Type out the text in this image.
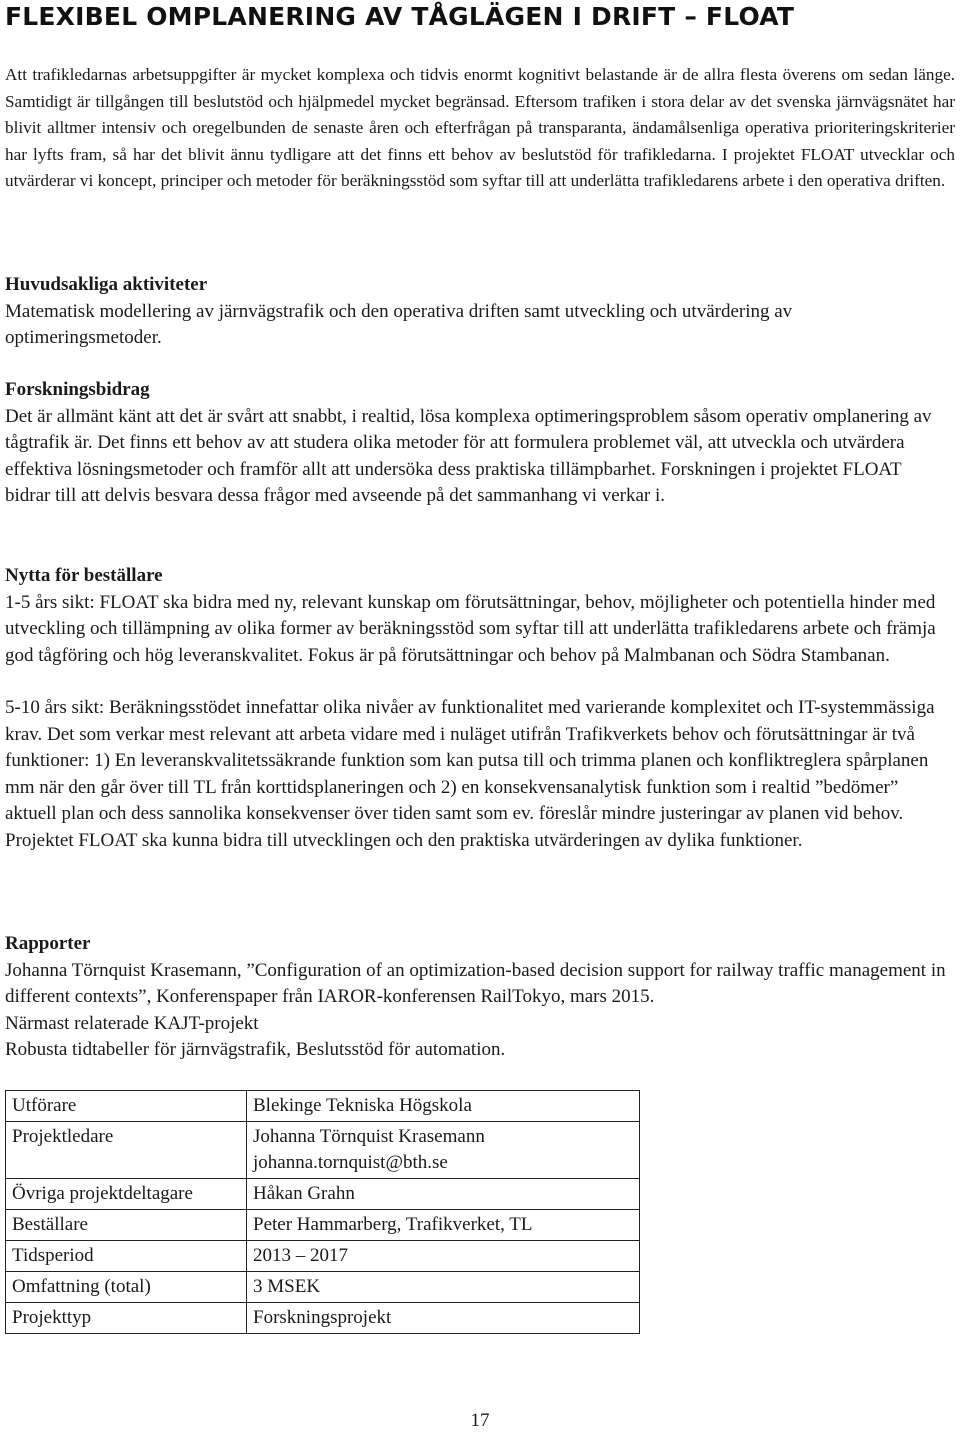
FLEXIBEL OMPLANERING AV TÅGLÄGEN I DRIFT – FLOAT

Att trafikledarnas arbetsuppgifter är mycket komplexa och tidvis enormt kognitivt belastande är de allra flesta överens om sedan länge. Samtidigt är tillgången till beslutstöd och hjälpmedel mycket begränsad. Eftersom trafiken i stora delar av det svenska järnvägsnätet har blivit alltmer intensiv och oregelbunden de senaste åren och efterfrågan på transparanta, ändamålsenliga operativa prioriteringskriterier har lyfts fram, så har det blivit ännu tydligare att det finns ett behov av beslutstöd för trafikledarna. I projektet FLOAT utvecklar och utvärderar vi koncept, principer och metoder för beräkningsstöd som syftar till att underlätta trafikledarens arbete i den operativa driften.

Huvudsakliga aktiviteter

Matematisk modellering av järnvägstrafik och den operativa driften samt utveckling och utvärdering av optimeringsmetoder.

Forskningsbidrag

Det är allmänt känt att det är svårt att snabbt, i realtid, lösa komplexa optimeringsproblem såsom operativ omplanering av tågtrafik är. Det finns ett behov av att studera olika metoder för att formulera problemet väl, att utveckla och utvärdera effektiva lösningsmetoder och framför allt att undersöka dess praktiska tillämpbarhet. Forskningen i projektet FLOAT bidrar till att delvis besvara dessa frågor med avseende på det sammanhang vi verkar i.

Nytta för beställare

1-5 års sikt: FLOAT ska bidra med ny, relevant kunskap om förutsättningar, behov, möjligheter och potentiella hinder med utveckling och tillämpning av olika former av beräkningsstöd som syftar till att underlätta trafikledarens arbete och främja god tågföring och hög leveranskvalitet. Fokus är på förutsättningar och behov på Malmbanan och Södra Stambanan.

5-10 års sikt: Beräkningsstödet innefattar olika nivåer av funktionalitet med varierande komplexitet och IT-systemmässiga krav. Det som verkar mest relevant att arbeta vidare med i nuläget utifrån Trafikverkets behov och förutsättningar är två funktioner: 1) En leveranskvalitetssäkrande funktion som kan putsa till och trimma planen och konfliktreglera spårplanen mm när den går över till TL från korttidsplaneringen och 2) en konsekvensanalytisk funktion som i realtid ”bedömer” aktuell plan och dess sannolika konsekvenser över tiden samt som ev. föreslår mindre justeringar av planen vid behov. Projektet FLOAT ska kunna bidra till utvecklingen och den praktiska utvärderingen av dylika funktioner.

Rapporter

Johanna Törnquist Krasemann, ”Configuration of an optimization-based decision support for railway traffic management in different contexts”, Konferenspaper från IAROR-konferensen RailTokyo, mars 2015.

Närmast relaterade KAJT-projekt

Robusta tidtabeller för järnvägstrafik, Beslutsstöd för automation.

Utförare	Blekinge Tekniska Högskola
Projektledare	Johanna Törnquist Krasemann
johanna.tornquist@bth.se

Övriga projektdeltagare	Håkan Grahn
Beställare	Peter Hammarberg, Trafikverket, TL
Tidsperiod	2013 – 2017
Omfattning (total)	3 MSEK
Projekttyp	Forskningsprojekt
17
